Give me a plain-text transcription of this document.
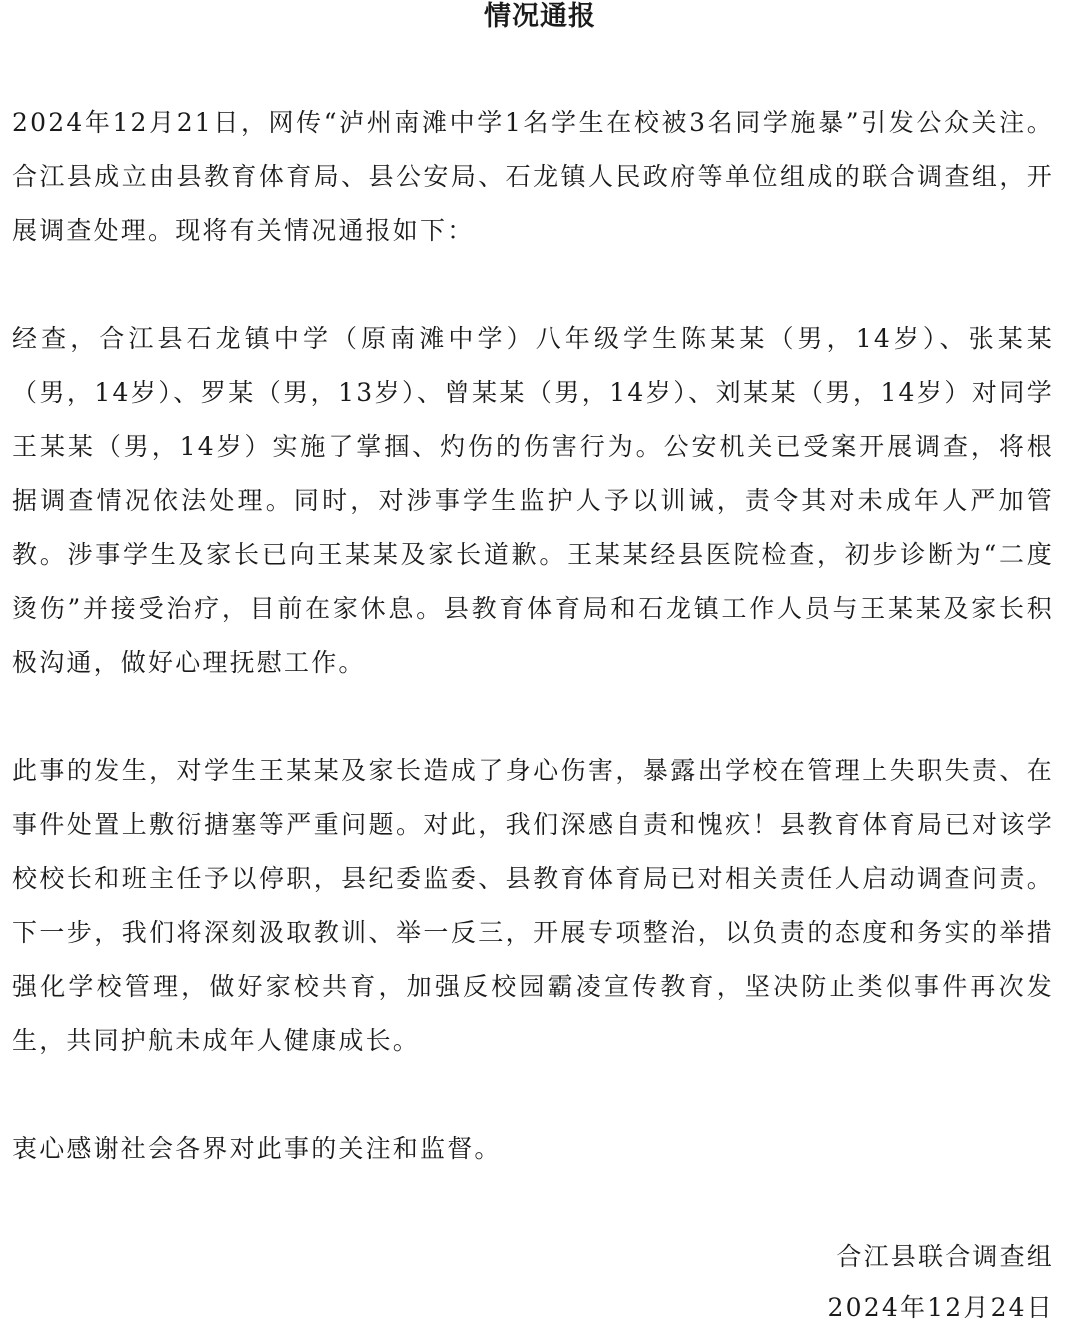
情况通报

2024年12月21日，网传“泸州南滩中学1名学生在校被3名同学施暴”引发公众关注。合江县成立由县教育体育局、县公安局、石龙镇人民政府等单位组成的联合调查组，开展调查处理。现将有关情况通报如下：

经查，合江县石龙镇中学（原南滩中学）八年级学生陈某某（男，14岁）、张某某（男，14岁）、罗某（男，13岁）、曾某某（男，14岁）、刘某某（男，14岁）对同学王某某（男，14岁）实施了掌掴、灼伤的伤害行为。公安机关已受案开展调查，将根据调查情况依法处理。同时，对涉事学生监护人予以训诫，责令其对未成年人严加管教。涉事学生及家长已向王某某及家长道歉。王某某经县医院检查，初步诊断为“二度烫伤”并接受治疗，目前在家休息。县教育体育局和石龙镇工作人员与王某某及家长积极沟通，做好心理抚慰工作。

此事的发生，对学生王某某及家长造成了身心伤害，暴露出学校在管理上失职失责、在事件处置上敷衍搪塞等严重问题。对此，我们深感自责和愧疚！县教育体育局已对该学校校长和班主任予以停职，县纪委监委、县教育体育局已对相关责任人启动调查问责。下一步，我们将深刻汲取教训、举一反三，开展专项整治，以负责的态度和务实的举措强化学校管理，做好家校共育，加强反校园霸凌宣传教育，坚决防止类似事件再次发生，共同护航未成年人健康成长。

衷心感谢社会各界对此事的关注和监督。

合江县联合调查组
2024年12月24日
